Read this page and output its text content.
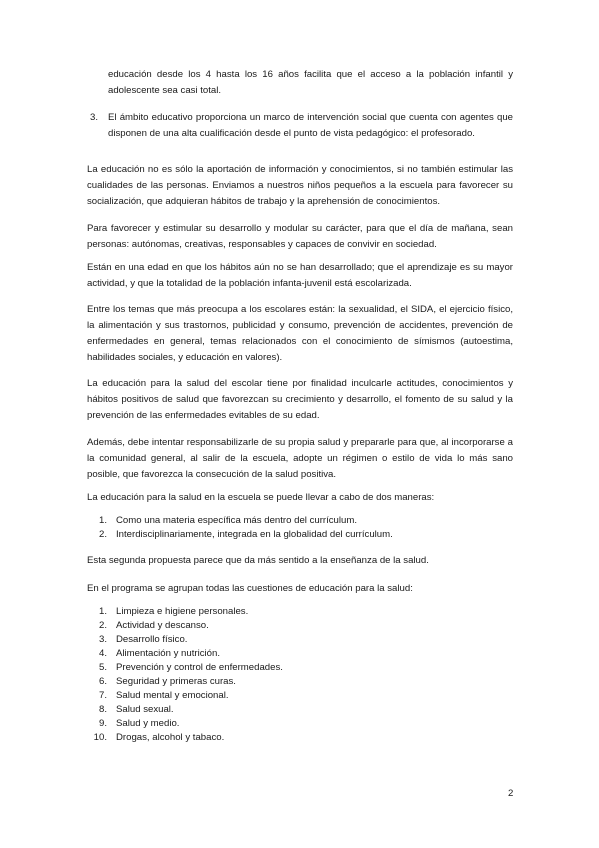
educación desde los 4 hasta los 16 años facilita que el acceso a la población infantil y adolescente sea casi total.
3.	El ámbito educativo proporciona un marco de intervención social que cuenta con agentes que disponen de una alta cualificación desde el punto de vista pedagógico: el profesorado.

La educación no es sólo la aportación de información y conocimientos, si no también estimular las cualidades de las personas. Enviamos a nuestros niños pequeños a la escuela para favorecer su socialización, que adquieran hábitos de trabajo y la aprehensión de conocimientos.

Para favorecer y estimular su desarrollo y modular su carácter, para que el día de mañana, sean personas: autónomas, creativas, responsables y capaces de convivir en sociedad.

Están en una edad en que los hábitos aún no se han desarrollado; que el aprendizaje es su mayor actividad, y que la totalidad de la población infanta-juvenil está escolarizada.

Entre los temas que más preocupa a los escolares están: la sexualidad, el SIDA, el ejercicio físico, la alimentación y sus trastornos, publicidad y consumo, prevención de accidentes, prevención de enfermedades en general, temas relacionados con el conocimiento de símismos (autoestima, habilidades sociales, y educación en valores).

La educación para la salud del escolar tiene por finalidad inculcarle actitudes, conocimientos y hábitos positivos de salud que favorezcan su crecimiento y desarrollo, el fomento de su salud y la prevención de las enfermedades evitables de su edad.

Además, debe intentar responsabilizarle de su propia salud y prepararle para que, al incorporarse a la comunidad general, al salir de la escuela, adopte un régimen o estilo de vida lo más sano posible, que favorezca la consecución de la salud positiva.

La educación para la salud en la escuela se puede llevar a cabo de dos maneras:

1. Como una materia específica más dentro del currículum.
2. Interdisciplinariamente, integrada en la globalidad del currículum.

Esta segunda propuesta parece que da más sentido a la enseñanza de la salud.

En el programa se agrupan todas las cuestiones de educación para la salud:

1. Limpieza e higiene personales.
2. Actividad y descanso.
3. Desarrollo físico.
4. Alimentación y nutrición.
5. Prevención y control de enfermedades.
6. Seguridad y primeras curas.
7. Salud mental y emocional.
8. Salud sexual.
9. Salud y medio.
10. Drogas, alcohol y tabaco.
2
